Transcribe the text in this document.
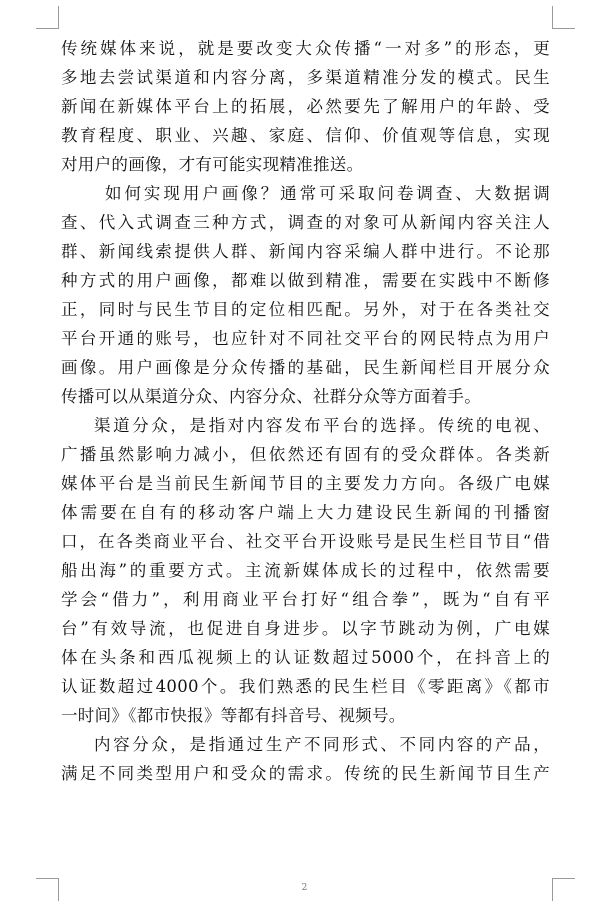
传统媒体来说，就是要改变大众传播“一对多”的形态，更
多地去尝试渠道和内容分离，多渠道精准分发的模式。民生
新闻在新媒体平台上的拓展，必然要先了解用户的年龄、受
教育程度、职业、兴趣、家庭、信仰、价值观等信息，实现
对用户的画像，才有可能实现精准推送。
如何实现用户画像？通常可采取问卷调查、大数据调
查、代入式调查三种方式，调查的对象可从新闻内容关注人
群、新闻线索提供人群、新闻内容采编人群中进行。不论那
种方式的用户画像，都难以做到精准，需要在实践中不断修
正，同时与民生节目的定位相匹配。另外，对于在各类社交
平台开通的账号，也应针对不同社交平台的网民特点为用户
画像。用户画像是分众传播的基础，民生新闻栏目开展分众
传播可以从渠道分众、内容分众、社群分众等方面着手。
渠道分众，是指对内容发布平台的选择。传统的电视、
广播虽然影响力减小，但依然还有固有的受众群体。各类新
媒体平台是当前民生新闻节目的主要发力方向。各级广电媒
体需要在自有的移动客户端上大力建设民生新闻的刊播窗
口，在各类商业平台、社交平台开设账号是民生栏目节目“借
船出海”的重要方式。主流新媒体成长的过程中，依然需要
学会“借力”，利用商业平台打好“组合拳”，既为“自有平
台”有效导流，也促进自身进步。以字节跳动为例，广电媒
体在头条和西瓜视频上的认证数超过5000个，在抖音上的
认证数超过4000个。我们熟悉的民生栏目《零距离》《都市
一时间》《都市快报》等都有抖音号、视频号。
内容分众，是指通过生产不同形式、不同内容的产品，
满足不同类型用户和受众的需求。传统的民生新闻节目生产
2
